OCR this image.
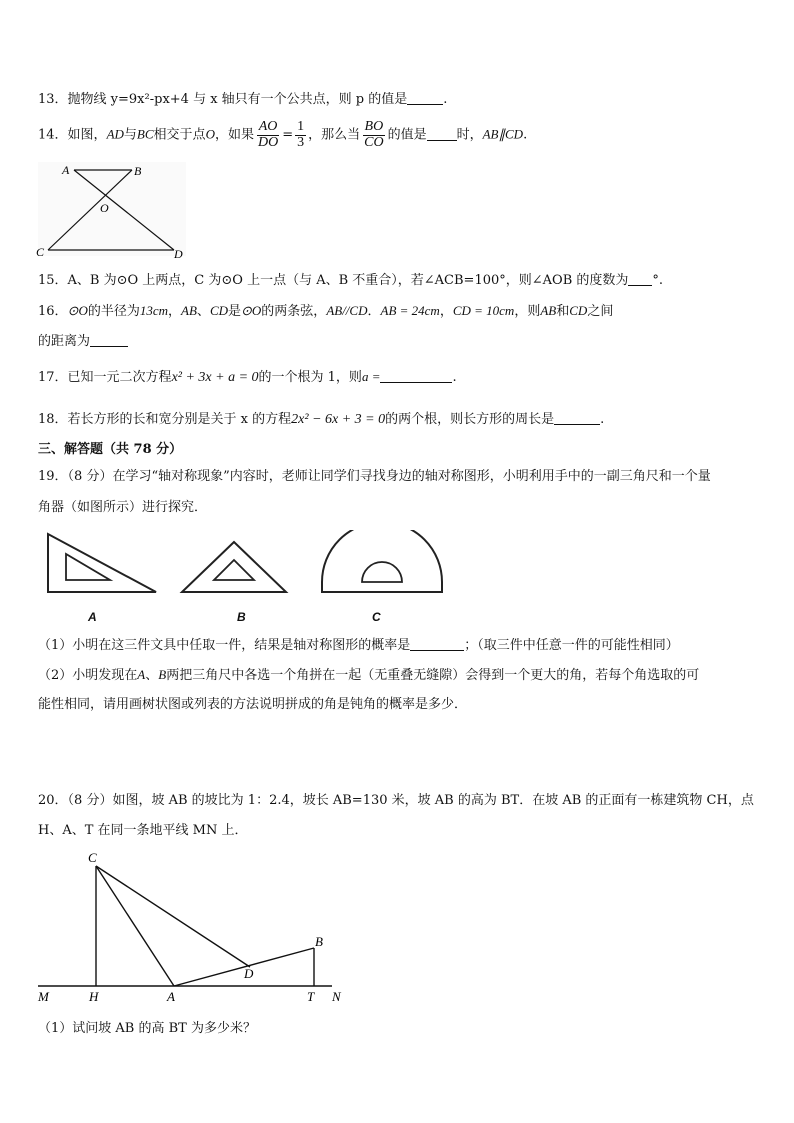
13．抛物线 y=9x²-px+4 与 x 轴只有一个公共点，则 p 的值是	.
14．如图，AD与BC相交于点O，如果 $\frac{AO}{DO} = \frac{1}{3}$ ，那么当 $\frac{BO}{CO}$ 的值是 时，AB∥CD.
A	B
O
C	D
15．A、B 为⊙O 上两点，C 为⊙O 上一点（与 A、B 不重合），若∠ACB=100°，则∠AOB 的度数为 °.
16．⊙O的半径为13cm，AB、CD是⊙O的两条弦，AB//CD．AB = 24cm，CD = 10cm，则AB和CD之间
的距离为
17．已知一元二次方程x² + 3x + a = 0的一个根为 1，则a =	.
18．若长方形的长和宽分别是关于 x 的方程2x² − 6x + 3 = 0的两个根，则长方形的周长是	.
三、解答题（共 78 分）
19．（8 分）在学习“轴对称现象”内容时，老师让同学们寻找身边的轴对称图形，小明利用手中的一副三角尺和一个量
角器（如图所示）进行探究．
A	B	C
（1）小明在这三件文具中任取一件，结果是轴对称图形的概率是	；（取三件中任意一件的可能性相同）
（2）小明发现在A、B两把三角尺中各选一个角拼在一起（无重叠无缝隙）会得到一个更大的角，若每个角选取的可
能性相同，请用画树状图或列表的方法说明拼成的角是钝角的概率是多少．
20．（8 分）如图，坡 AB 的坡比为 1：2.4，坡长 AB=130 米，坡 AB 的高为 BT．在坡 AB 的正面有一栋建筑物 CH，点
H、A、T 在同一条地平线 MN 上．
C
B
D
M	H	A	T N
（1）试问坡 AB 的高 BT 为多少米？
